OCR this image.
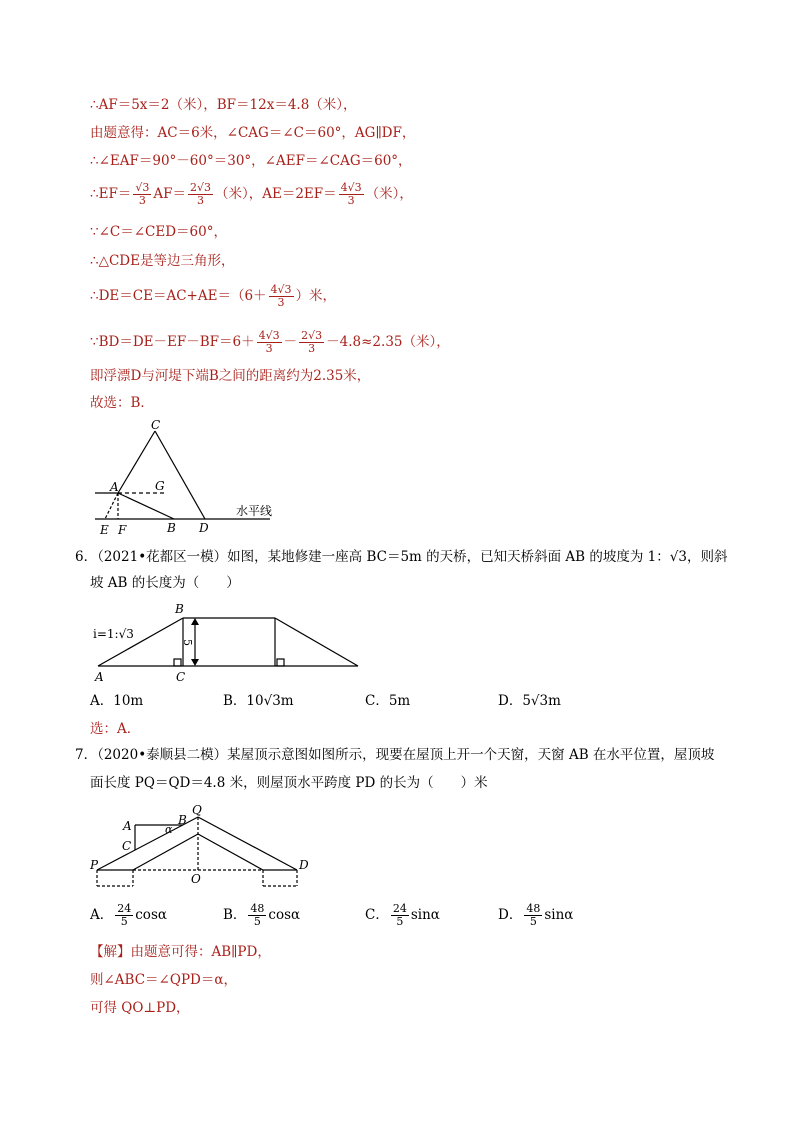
∴AF＝5x＝2（米），BF＝12x＝4.8（米），
由题意得：AC＝6米，∠CAG＝∠C＝60°，AG∥DF，
∴∠EAF＝90°－60°＝30°，∠AEF＝∠CAG＝60°，
∴EF＝ $\frac{√3}{3} AF= \frac{2√3}{3}$ （米），$AE=2EF= \frac{4√3}{3}$ （米），
∵∠C＝∠CED＝60°，
∴△CDE是等边三角形，
∴DE＝CE＝AC+AE＝（6＋ $\frac{4√3}{3}$ ）米，
∵BD＝DE－EF－BF＝6＋ $\frac{4√3}{3} - \frac{2√3}{3} -4.8\approx 2.35$（米），
即浮漂D与河堤下端B之间的距离约为2.35米，
故选：B．
C
A	G
E F	B D
水平线
6．（2021•花都区一模）如图，某地修建一座高 BC＝5m 的天桥，已知天桥斜面 AB 的坡度为 1：√3，则斜
坡 AB 的长度为（　　）
B
i=1:√3
5
A	C
A．10m	B．10√3m	C．5m	D．5√3m
选：A．
7．（2020•泰顺县二模）某屋顶示意图如图所示，现要在屋顶上开一个天窗，天窗 AB 在水平位置，屋顶坡
面长度 PQ＝QD＝4.8 米，则屋顶水平跨度 PD 的长为（　　）米
Q
B
A	α
C
P
O
D
A． $\frac{24}{5}$ cosα	B． $\frac{48}{5}$ cosα	C． $\frac{24}{5}$ sinα	D． $\frac{48}{5}$ sinα
【解】由题意可得：AB∥PD，
则∠ABC＝∠QPD＝α，
可得 QO⊥PD，
